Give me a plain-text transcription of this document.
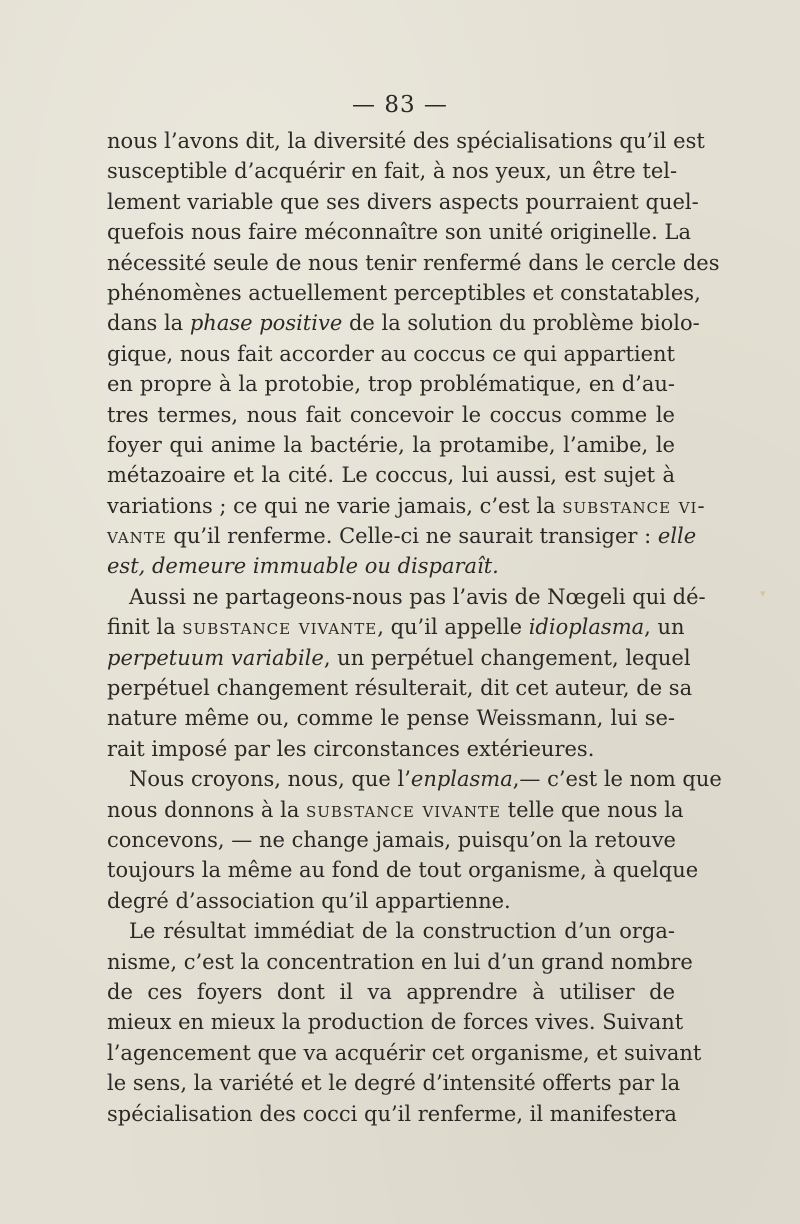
— 83 —
nous l’avons dit, la diversité des spécialisations qu’il est
susceptible d’acquérir en fait, à nos yeux, un être tel-
lement variable que ses divers aspects pourraient quel-
quefois nous faire méconnaître son unité originelle. La
nécessité seule de nous tenir renfermé dans le cercle des
phénomènes actuellement perceptibles et constatables,
dans la phase positive de la solution du problème biolo-
gique, nous fait accorder au coccus ce qui appartient
en propre à la protobie, trop problématique, en d’au-
tres termes, nous fait concevoir le coccus comme le
foyer qui anime la bactérie, la protamibe, l’amibe, le
métazoaire et la cité. Le coccus, lui aussi, est sujet à
variations ; ce qui ne varie jamais, c’est la substance vi-
vante qu’il renferme. Celle-ci ne saurait transiger : elle
est, demeure immuable ou disparaît.
Aussi ne partageons-nous pas l’avis de Nœgeli qui dé-
finit la substance vivante, qu’il appelle idioplasma, un
perpetuum variabile, un perpétuel changement, lequel
perpétuel changement résulterait, dit cet auteur, de sa
nature même ou, comme le pense Weissmann, lui se-
rait imposé par les circonstances extérieures.
Nous croyons, nous, que l’enplasma,— c’est le nom que
nous donnons à la substance vivante telle que nous la
concevons, — ne change jamais, puisqu’on la retouve
toujours la même au fond de tout organisme, à quelque
degré d’association qu’il appartienne.
Le résultat immédiat de la construction d’un orga-
nisme, c’est la concentration en lui d’un grand nombre
de ces foyers dont il va apprendre à utiliser de
mieux en mieux la production de forces vives. Suivant
l’agencement que va acquérir cet organisme, et suivant
le sens, la variété et le degré d’intensité offerts par la
spécialisation des cocci qu’il renferme, il manifestera
▾
